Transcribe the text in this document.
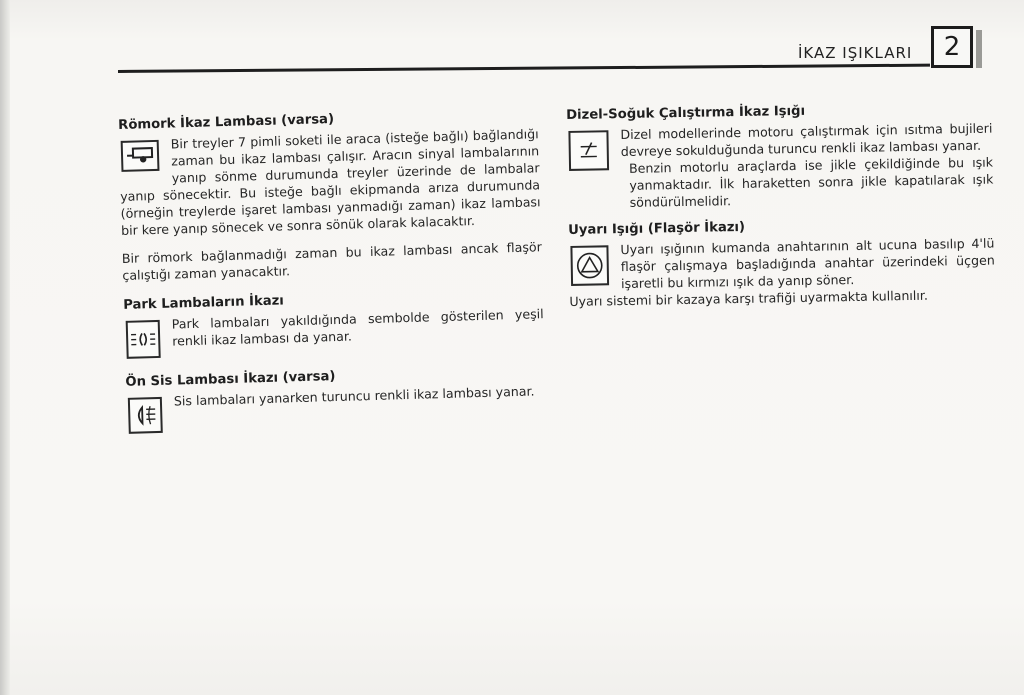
İKAZ IŞIKLARI	2
Römork İkaz Lambası (varsa)

Bir treyler 7 pimli soketi ile araca (isteğe bağlı) bağlandığı zaman bu ikaz lambası çalışır. Aracın sinyal lambalarının yanıp sönme durumunda treyler üzerinde de lambalar yanıp sönecektir. Bu isteğe bağlı ekipmanda arıza durumunda (örneğin treylerde işaret lambası yanmadığı zaman) ikaz lambası bir kere yanıp sönecek ve sonra sönük olarak kalacaktır.

Bir römork bağlanmadığı zaman bu ikaz lambası ancak flaşör çalıştığı zaman yanacaktır.

Park Lambaların İkazı

Park lambaları yakıldığında sembolde gösterilen yeşil renkli ikaz lambası da yanar.

Ön Sis Lambası İkazı (varsa)

Sis lambaları yanarken turuncu renkli ikaz lambası yanar.

Dizel-Soğuk Çalıştırma İkaz Işığı

Dizel modellerinde motoru çalıştırmak için ısıtma bujileri devreye sokulduğunda turuncu renkli ikaz lambası yanar.

Benzin motorlu araçlarda ise jikle çekildiğinde bu ışık yanmaktadır. İlk haraketten sonra jikle kapatılarak ışık söndürülmelidir.

Uyarı Işığı (Flaşör İkazı)

Uyarı ışığının kumanda anahtarının alt ucuna basılıp 4'lü flaşör çalışmaya başladığında anahtar üzerindeki üçgen işaretli bu kırmızı ışık da yanıp söner.

Uyarı sistemi bir kazaya karşı trafiği uyarmakta kullanılır.
